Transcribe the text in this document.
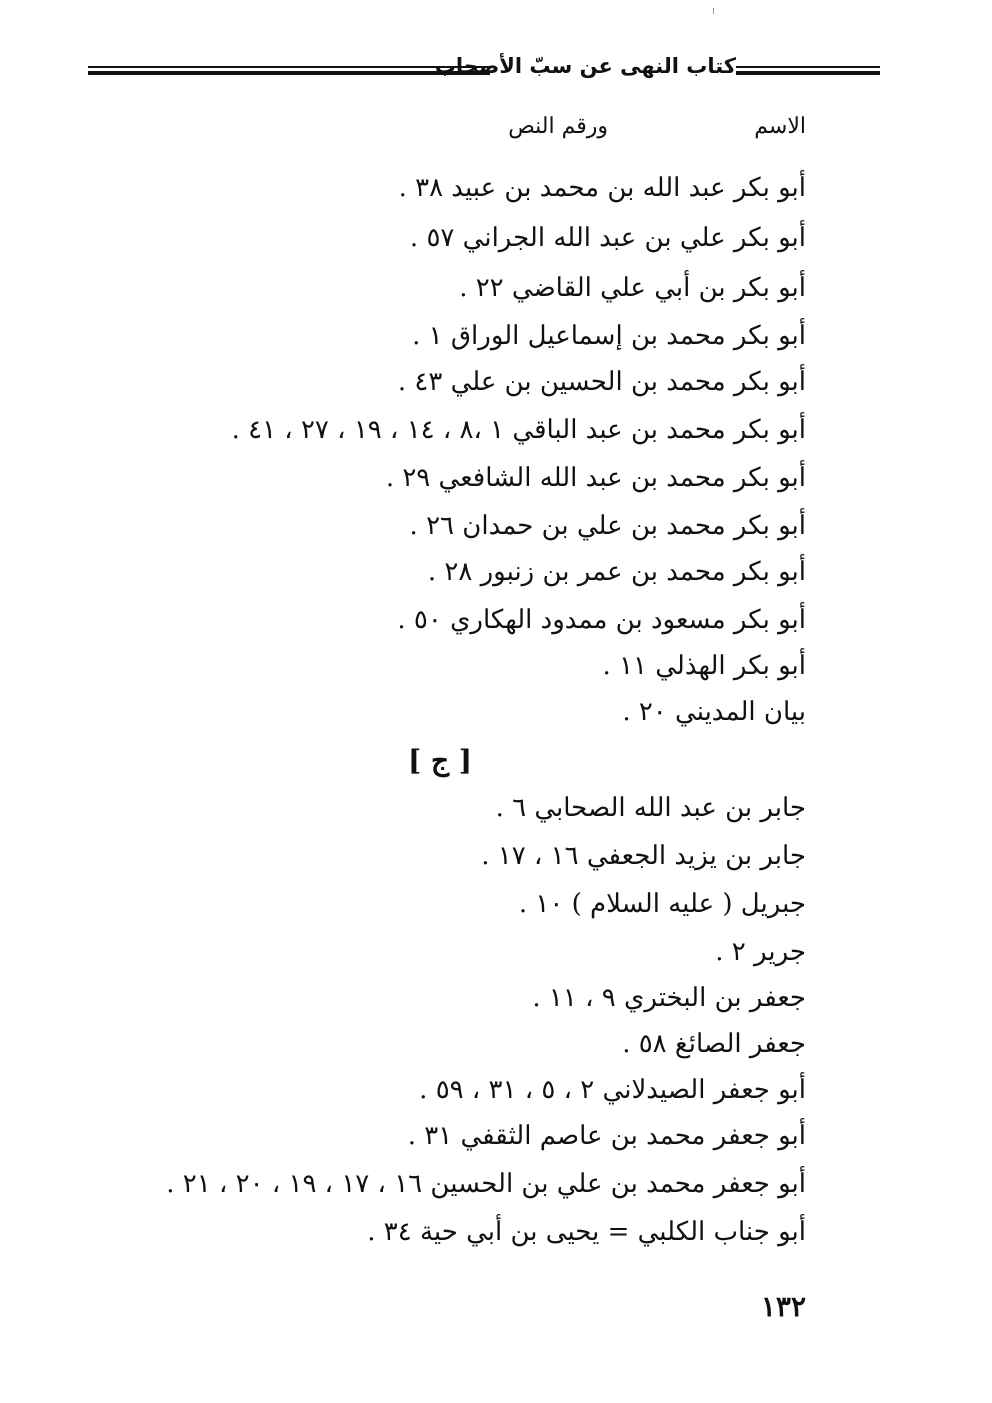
كتاب النهى عن سبّ الأصحاب
الاسم
ورقم النص
أبو بكر عبد الله بن محمد بن عبيد ٣٨ .
أبو بكر علي بن عبد الله الجراني ٥٧ .
أبو بكر بن أبي علي القاضي ٢٢ .
أبو بكر محمد بن إسماعيل الوراق ١ .
أبو بكر محمد بن الحسين بن علي ٤٣ .
أبو بكر محمد بن عبد الباقي ١ ،٨ ، ١٤ ، ١٩ ، ٢٧ ، ٤١ .
أبو بكر محمد بن عبد الله الشافعي ٢٩ .
أبو بكر محمد بن علي بن حمدان ٢٦ .
أبو بكر محمد بن عمر بن زنبور ٢٨ .
أبو بكر مسعود بن ممدود الهكاري ٥٠ .
أبو بكر الهذلي ١١ .
بيان المديني ٢٠ .
[ ج ]
جابر بن عبد الله الصحابي ٦ .
جابر بن يزيد الجعفي ١٦ ، ١٧ .
جبريل ( عليه السلام ) ١٠ .
جرير ٢ .
جعفر بن البختري ٩ ، ١١ .
جعفر الصائغ ٥٨ .
أبو جعفر الصيدلاني ٢ ، ٥ ، ٣١ ، ٥٩ .
أبو جعفر محمد بن عاصم الثقفي ٣١ .
أبو جعفر محمد بن علي بن الحسين ١٦ ، ١٧ ، ١٩ ، ٢٠ ، ٢١ .
أبو جناب الكلبي = يحيى بن أبي حية ٣٤ .
١٣٢
